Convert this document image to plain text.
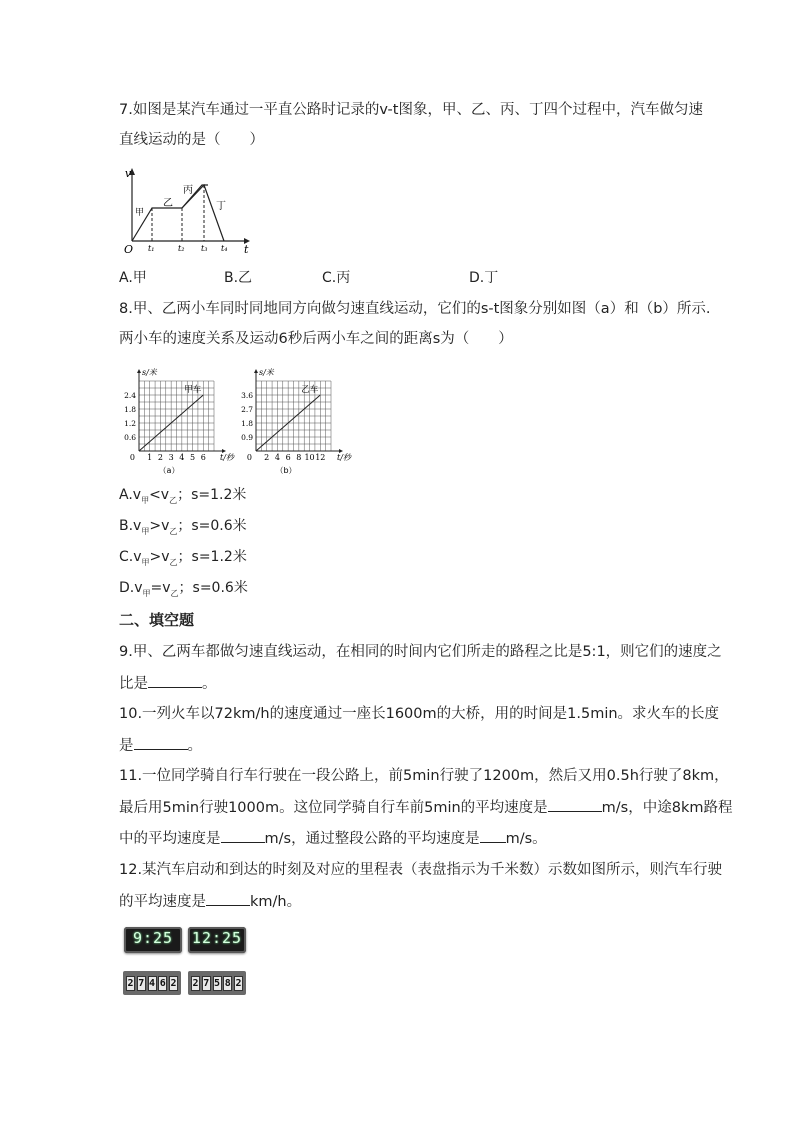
7.如图是某汽车通过一平直公路时记录的v-t图象，甲、乙、丙、丁四个过程中，汽车做匀速
直线运动的是（　　）
v
t
O
甲
乙
丙
丁
t₁	t₂ t₃ t₄
A.甲	B.乙	C.丙	D.丁
8.甲、乙两小车同时同地同方向做匀速直线运动，它们的s-t图象分别如图（a）和（b）所示.
两小车的速度关系及运动6秒后两小车之间的距离s为（　　）
1 2 3 4 5 6
0.6
1.2
1.8
2.4
0
s/米
t/秒
甲车
（a）
2 4 6 8 10 12
0.9
1.8
2.7
3.6
0
s/米
t/秒
乙车
（b）
$A.v_甲<v_乙$；s=1.2米
$B.v_甲>v_乙$；s=0.6米
$C.v_甲>v_乙$；s=1.2米
$D.v_甲=v_乙$；s=0.6米
二、填空题
9.甲、乙两车都做匀速直线运动，在相同的时间内它们所走的路程之比是5:1，则它们的速度之
比是	。
10.一列火车以72km/h的速度通过一座长1600m的大桥，用的时间是1.5min。求火车的长度
是	。
11.一位同学骑自行车行驶在一段公路上，前5min行驶了1200m，然后又用0.5h行驶了8km，
最后用5min行驶1000m。这位同学骑自行车前5min的平均速度是	m/s，中途8km路程
中的平均速度是	m/s，通过整段公路的平均速度是 m/s。
12.某汽车启动和到达的时刻及对应的里程表（表盘指示为千米数）示数如图所示，则汽车行驶
的平均速度是	km/h。
9:25	12:25
2 7 4 6 2 2 7 5 8 2
